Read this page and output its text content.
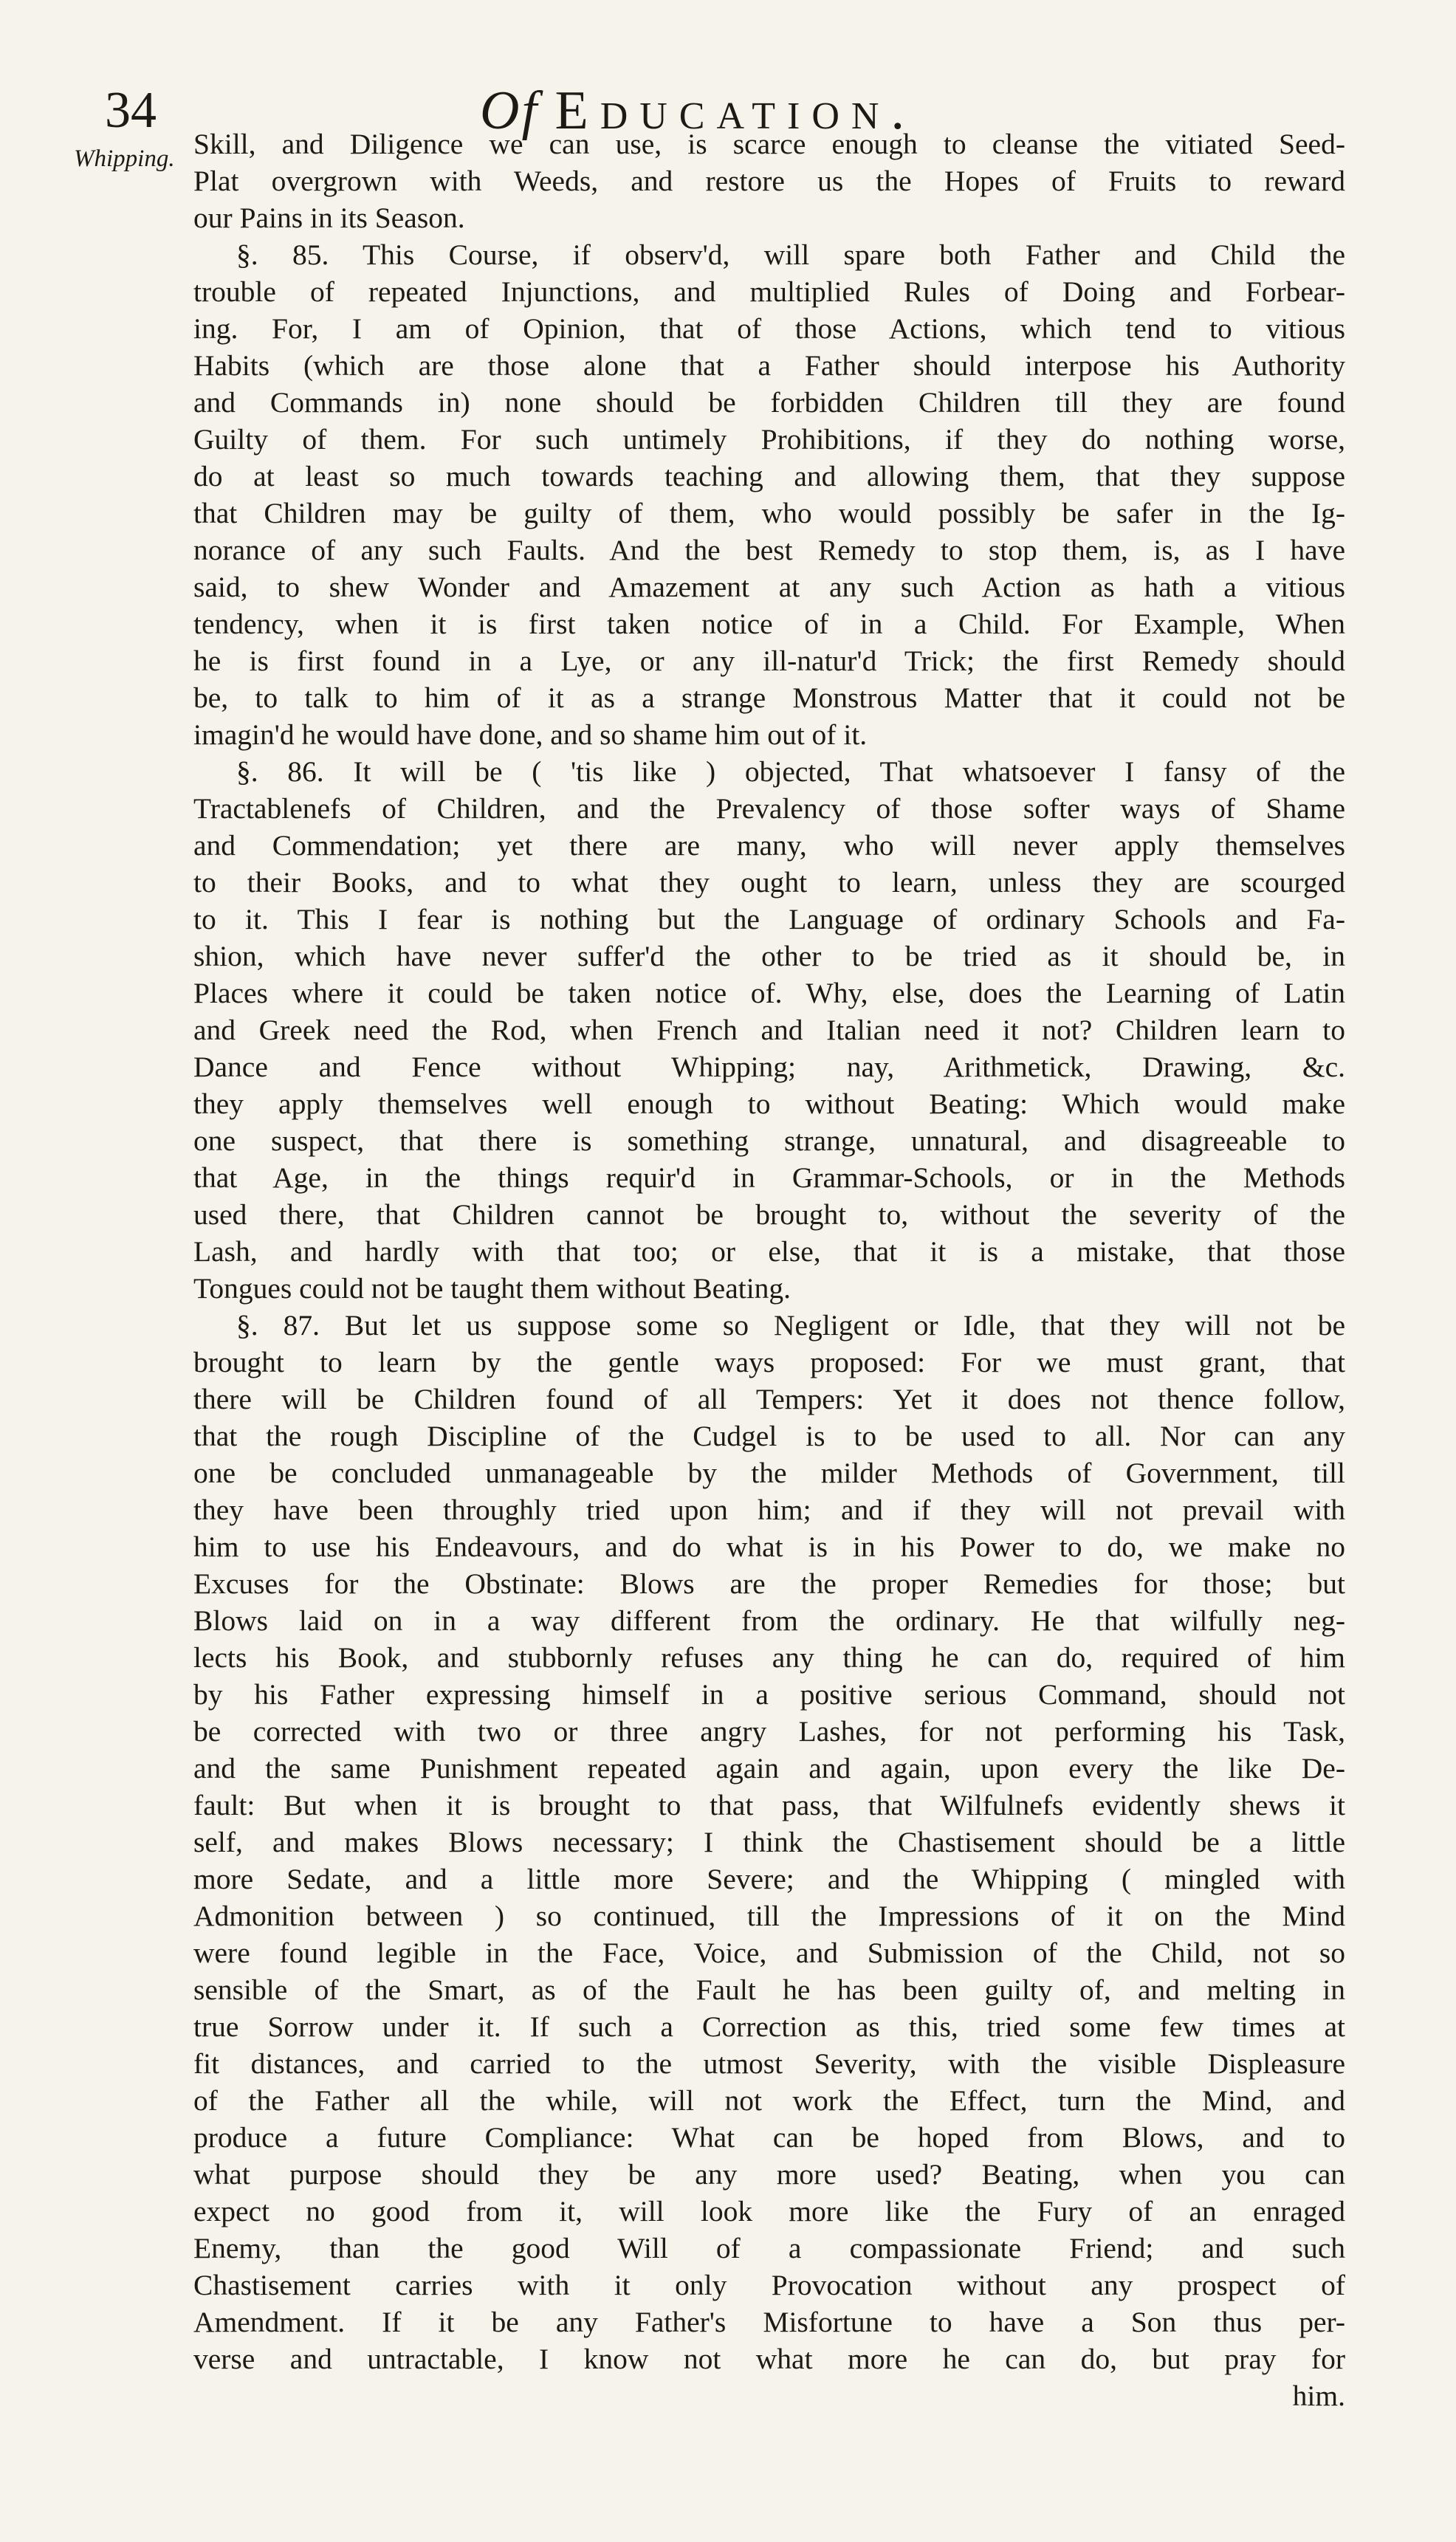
34	Of Education.
Whipping. Skill, and Diligence we can use, is scarce enough to cleanse the vitiated Seed-
Plat overgrown with Weeds, and restore us the Hopes of Fruits to reward
our Pains in its Season.
§. 85. This Course, if observ'd, will spare both Father and Child the
trouble of repeated Injunctions, and multiplied Rules of Doing and Forbear-
ing. For, I am of Opinion, that of those Actions, which tend to vitious
Habits (which are those alone that a Father should interpose his Authority
and Commands in) none should be forbidden Children till they are found
Guilty of them. For such untimely Prohibitions, if they do nothing worse,
do at least so much towards teaching and allowing them, that they suppose
that Children may be guilty of them, who would possibly be safer in the Ig-
norance of any such Faults. And the best Remedy to stop them, is, as I have
said, to shew Wonder and Amazement at any such Action as hath a vitious
tendency, when it is first taken notice of in a Child. For Example, When
he is first found in a Lye, or any ill-natur'd Trick; the first Remedy should
be, to talk to him of it as a strange Monstrous Matter that it could not be
imagin'd he would have done, and so shame him out of it.
§. 86. It will be ( 'tis like ) objected, That whatsoever I fansy of the
Tractablenefs of Children, and the Prevalency of those softer ways of Shame
and Commendation; yet there are many, who will never apply themselves
to their Books, and to what they ought to learn, unless they are scourged
to it. This I fear is nothing but the Language of ordinary Schools and Fa-
shion, which have never suffer'd the other to be tried as it should be, in
Places where it could be taken notice of. Why, else, does the Learning of Latin
and Greek need the Rod, when French and Italian need it not? Children learn to
Dance and Fence without Whipping; nay, Arithmetick, Drawing, &c.
they apply themselves well enough to without Beating: Which would make
one suspect, that there is something strange, unnatural, and disagreeable to
that Age, in the things requir'd in Grammar-Schools, or in the Methods
used there, that Children cannot be brought to, without the severity of the
Lash, and hardly with that too; or else, that it is a mistake, that those
Tongues could not be taught them without Beating.
§. 87. But let us suppose some so Negligent or Idle, that they will not be
brought to learn by the gentle ways proposed: For we must grant, that
there will be Children found of all Tempers: Yet it does not thence follow,
that the rough Discipline of the Cudgel is to be used to all. Nor can any
one be concluded unmanageable by the milder Methods of Government, till
they have been throughly tried upon him; and if they will not prevail with
him to use his Endeavours, and do what is in his Power to do, we make no
Excuses for the Obstinate: Blows are the proper Remedies for those; but
Blows laid on in a way different from the ordinary. He that wilfully neg-
lects his Book, and stubbornly refuses any thing he can do, required of him
by his Father expressing himself in a positive serious Command, should not
be corrected with two or three angry Lashes, for not performing his Task,
and the same Punishment repeated again and again, upon every the like De-
fault: But when it is brought to that pass, that Wilfulnefs evidently shews it
self, and makes Blows necessary; I think the Chastisement should be a little
more Sedate, and a little more Severe; and the Whipping ( mingled with
Admonition between ) so continued, till the Impressions of it on the Mind
were found legible in the Face, Voice, and Submission of the Child, not so
sensible of the Smart, as of the Fault he has been guilty of, and melting in
true Sorrow under it. If such a Correction as this, tried some few times at
fit distances, and carried to the utmost Severity, with the visible Displeasure
of the Father all the while, will not work the Effect, turn the Mind, and
produce a future Compliance: What can be hoped from Blows, and to
what purpose should they be any more used? Beating, when you can
expect no good from it, will look more like the Fury of an enraged
Enemy, than the good Will of a compassionate Friend; and such
Chastisement carries with it only Provocation without any prospect of
Amendment. If it be any Father's Misfortune to have a Son thus per-
verse and untractable, I know not what more he can do, but pray for
him.
